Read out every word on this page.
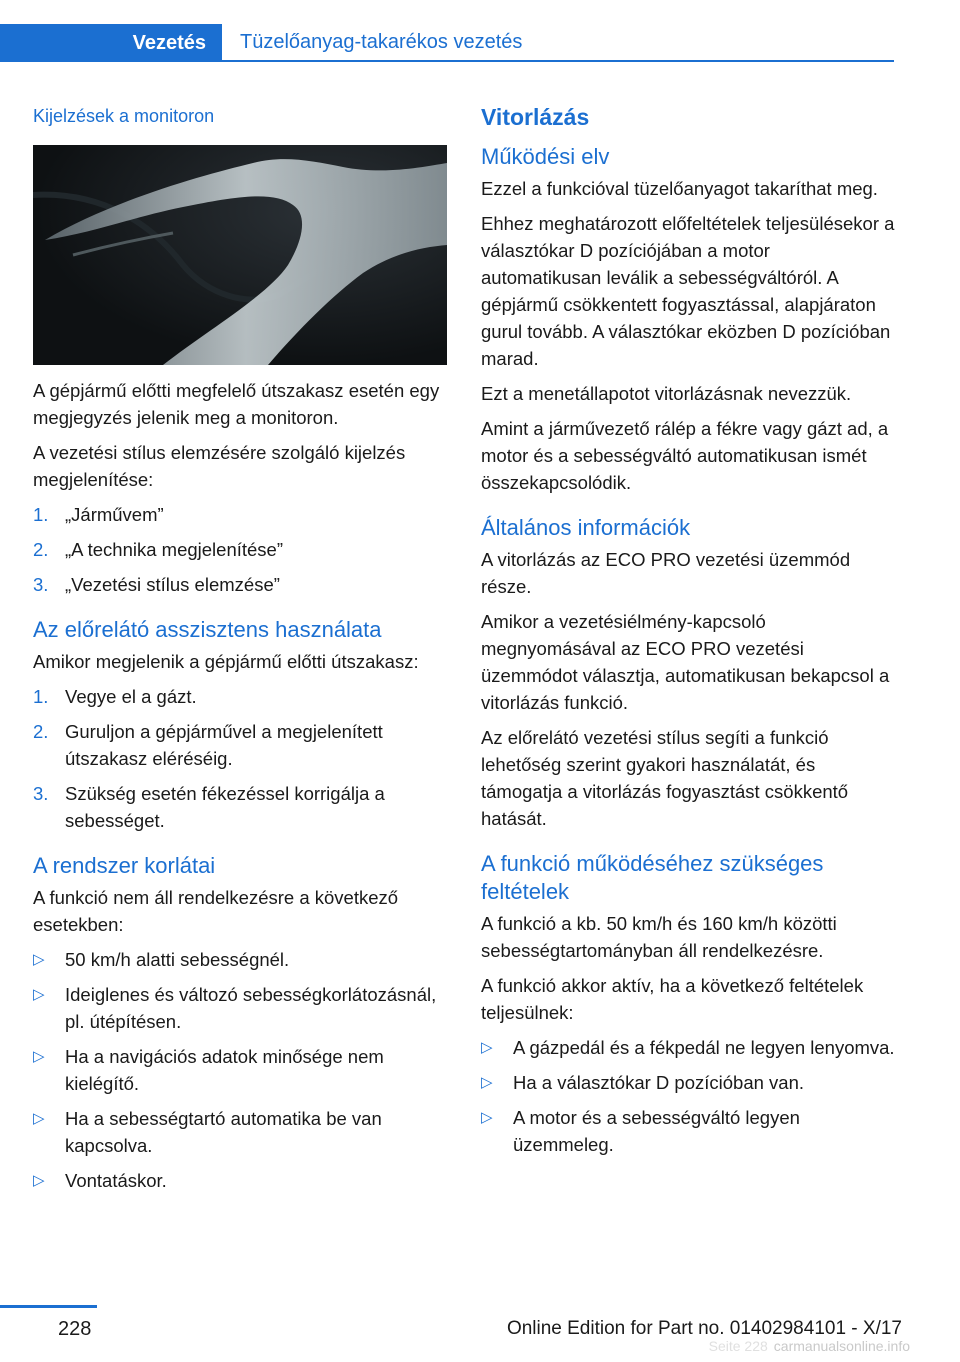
Vezetés Tüzelőanyag-takarékos vezetés
Kijelzések a monitoron

A gépjármű előtti megfelelő útszakasz esetén egy megjegyzés jelenik meg a monitoron.

A vezetési stílus elemzésére szolgáló kijelzés megjelenítése:

1. „Járművem”
2. „A technika megjelenítése”
3. „Vezetési stílus elemzése”
Az előrelátó asszisztens használata

Amikor megjelenik a gépjármű előtti útszakasz:

1. Vegye el a gázt.
2. Guruljon a gépjárművel a megjelenített útszakasz eléréséig.
3. Szükség esetén fékezéssel korrigálja a sebességet.
A rendszer korlátai

A funkció nem áll rendelkezésre a következő esetekben:

▷ 50 km/h alatti sebességnél.
▷ Ideiglenes és változó sebességkorlátozásnál, pl. útépítésen.
▷ Ha a navigációs adatok minősége nem kielégítő.
▷ Ha a sebességtartó automatika be van kapcsolva.
▷ Vontatáskor.
Vitorlázás
Működési elv

Ezzel a funkcióval tüzelőanyagot takaríthat meg.

Ehhez meghatározott előfeltételek teljesülésekor a választókar D pozíciójában a motor automatikusan leválik a sebességváltóról. A gépjármű csökkentett fogyasztással, alapjáraton gurul tovább. A választókar eközben D pozícióban marad.

Ezt a menetállapotot vitorlázásnak nevezzük.

Amint a járművezető rálép a fékre vagy gázt ad, a motor és a sebességváltó automatikusan ismét összekapcsolódik.

Általános információk

A vitorlázás az ECO PRO vezetési üzemmód része.

Amikor a vezetésiélmény-kapcsoló megnyomásával az ECO PRO vezetési üzemmódot választja, automatikusan bekapcsol a vitorlázás funkció.

Az előrelátó vezetési stílus segíti a funkció lehetőség szerint gyakori használatát, és támogatja a vitorlázás fogyasztást csökkentő hatását.

A funkció működéséhez szükséges feltételek

A funkció a kb. 50 km/h és 160 km/h közötti sebességtartományban áll rendelkezésre.

A funkció akkor aktív, ha a következő feltételek teljesülnek:

▷ A gázpedál és a fékpedál ne legyen lenyomva.
▷ Ha a választókar D pozícióban van.
▷ A motor és a sebességváltó legyen üzemmeleg.
228	Online Edition for Part no. 01402984101 - X/17
Seite 228 carmanualsonline.info
